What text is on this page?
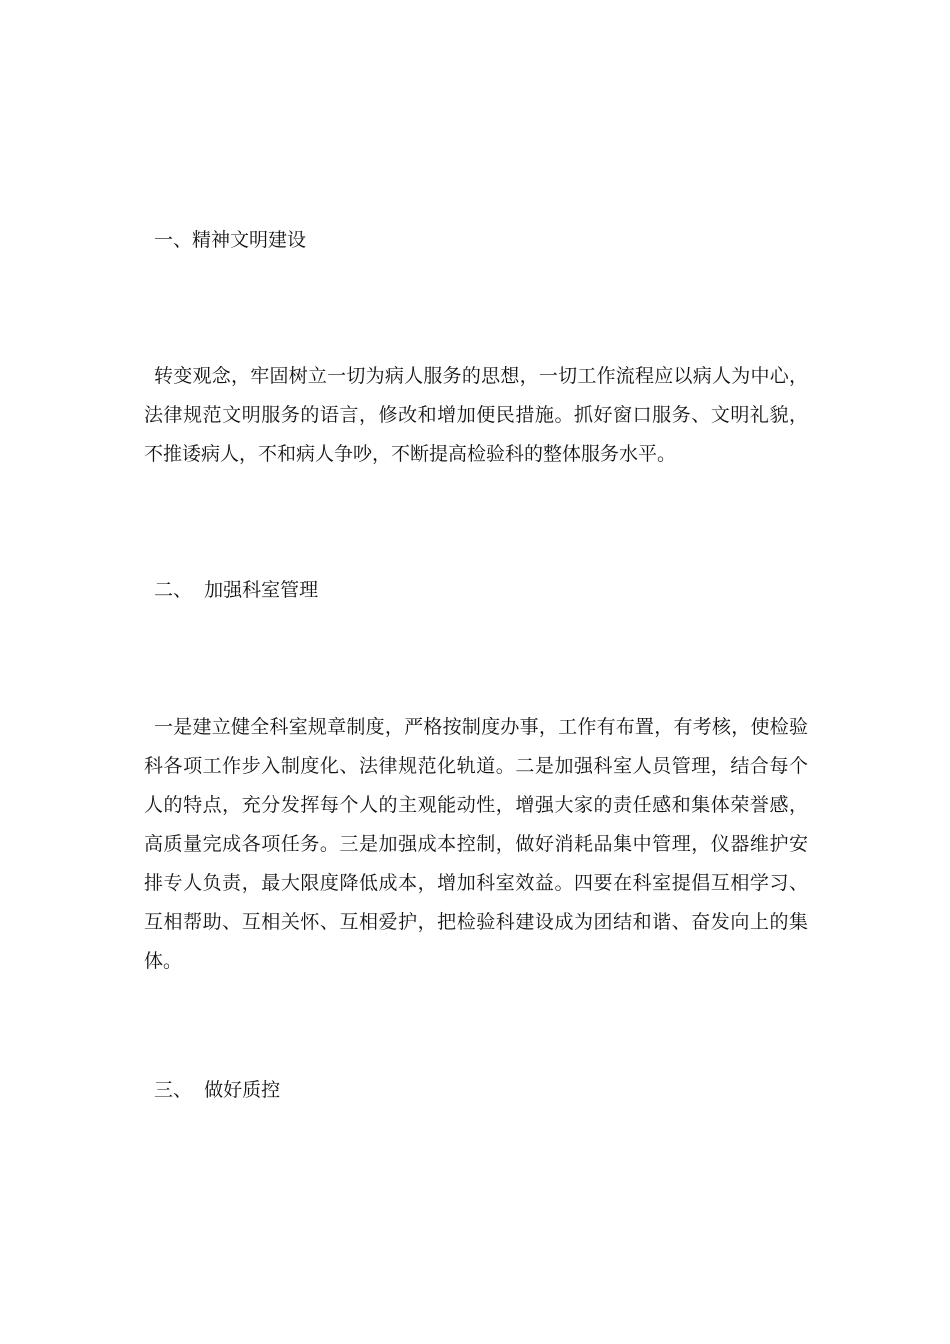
一、精神文明建设

转变观念，牢固树立一切为病人服务的思想，一切工作流程应以病人为中心，法律规范文明服务的语言，修改和增加便民措施。抓好窗口服务、文明礼貌，不推诿病人，不和病人争吵，不断提高检验科的整体服务水平。

二、  加强科室管理

一是建立健全科室规章制度，严格按制度办事，工作有布置，有考核，使检验科各项工作步入制度化、法律规范化轨道。二是加强科室人员管理，结合每个人的特点，充分发挥每个人的主观能动性，增强大家的责任感和集体荣誉感，高质量完成各项任务。三是加强成本控制，做好消耗品集中管理，仪器维护安排专人负责，最大限度降低成本，增加科室效益。四要在科室提倡互相学习、互相帮助、互相关怀、互相爱护，把检验科建设成为团结和谐、奋发向上的集体。

三、  做好质控
